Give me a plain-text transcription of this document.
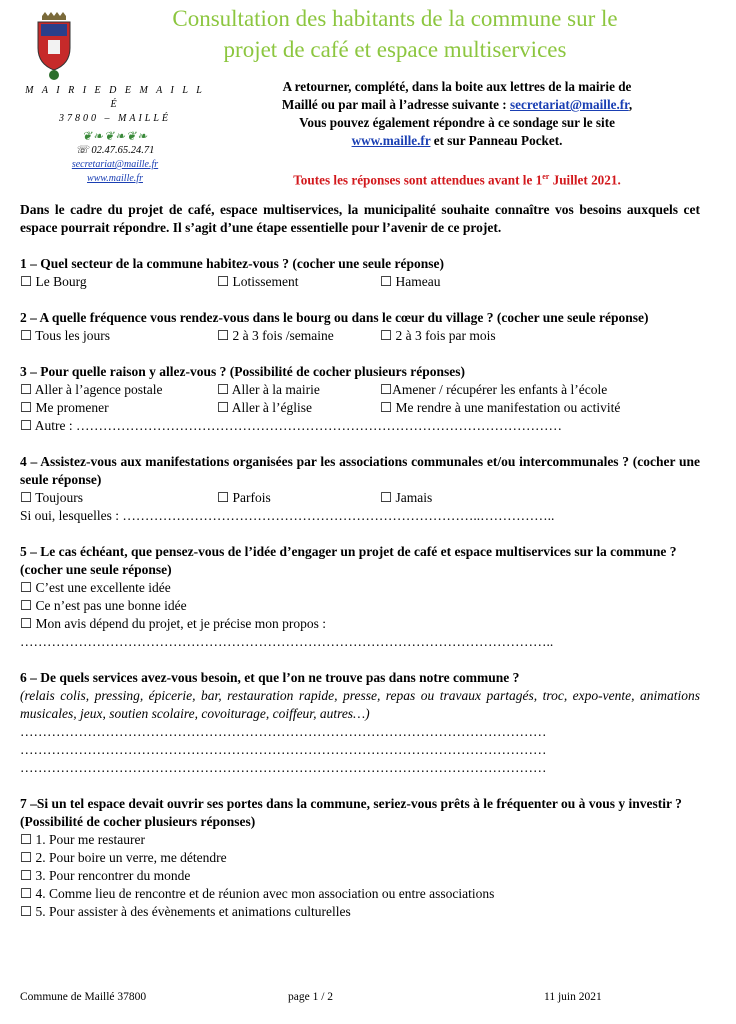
Consultation des habitants de la commune sur le
projet de café et espace multiservices
M A I R I E D E M A I L L É
37800 – MAILLÉ
❦❧❦❧❦❧
☏ 02.47.65.24.71
secretariat@maille.fr
www.maille.fr
A retourner, complété, dans la boite aux lettres de la mairie de
Maillé ou par mail à l’adresse suivante : secretariat@maille.fr,
Vous pouvez également répondre à ce sondage sur le site
www.maille.fr et sur Panneau Pocket.
Toutes les réponses sont attendues avant le 1er Juillet 2021.
Dans le cadre du projet de café, espace multiservices, la municipalité souhaite connaître vos besoins auxquels cet espace pourrait répondre. Il s’agit d’une étape essentielle pour l’avenir de ce projet.
1 – Quel secteur de la commune habitez-vous ? (cocher une seule réponse)
☐ Le Bourg	☐ Lotissement	☐ Hameau
2 – A quelle fréquence vous rendez-vous dans le bourg ou dans le cœur du village ? (cocher une seule réponse)
☐ Tous les jours	☐ 2 à 3 fois /semaine	☐ 2 à 3 fois par mois
3 – Pour quelle raison y allez-vous ? (Possibilité de cocher plusieurs réponses)
☐ Aller à l’agence postale	☐ Aller à la mairie	☐Amener / récupérer les enfants à l’école
☐ Me promener	☐ Aller à l’église	☐ Me rendre à une manifestation ou activité
☐ Autre : ………………………………………………………………………………………………
4 – Assistez-vous aux manifestations organisées par les associations communales et/ou intercommunales ? (cocher une seule réponse)
☐ Toujours	☐ Parfois	☐ Jamais
Si oui, lesquelles : ……………………………………………………………………..……………..
5 – Le cas échéant, que pensez-vous de l’idée d’engager un projet de café et espace multiservices sur la commune ? (cocher une seule réponse)
☐ C’est une excellente idée
☐ Ce n’est pas une bonne idée
☐ Mon avis dépend du projet, et je précise mon propos :
………………………………………………………………………………………………………..
6 – De quels services avez-vous besoin, et que l’on ne trouve pas dans notre commune ?
(relais colis, pressing, épicerie, bar, restauration rapide, presse, repas ou travaux partagés, troc, expo-vente, animations musicales, jeux, soutien scolaire, covoiturage, coiffeur, autres…)
………………………………………………………………………………………………………
………………………………………………………………………………………………………
………………………………………………………………………………………………………
7 –Si un tel espace devait ouvrir ses portes dans la commune, seriez-vous prêts à le fréquenter ou à vous y investir ? (Possibilité de cocher plusieurs réponses)
☐ 1. Pour me restaurer
☐ 2. Pour boire un verre, me détendre
☐ 3. Pour rencontrer du monde
☐ 4. Comme lieu de rencontre et de réunion avec mon association ou entre associations
☐ 5. Pour assister à des évènements et animations culturelles
Commune de Maillé 37800	page 1 / 2	11 juin 2021
